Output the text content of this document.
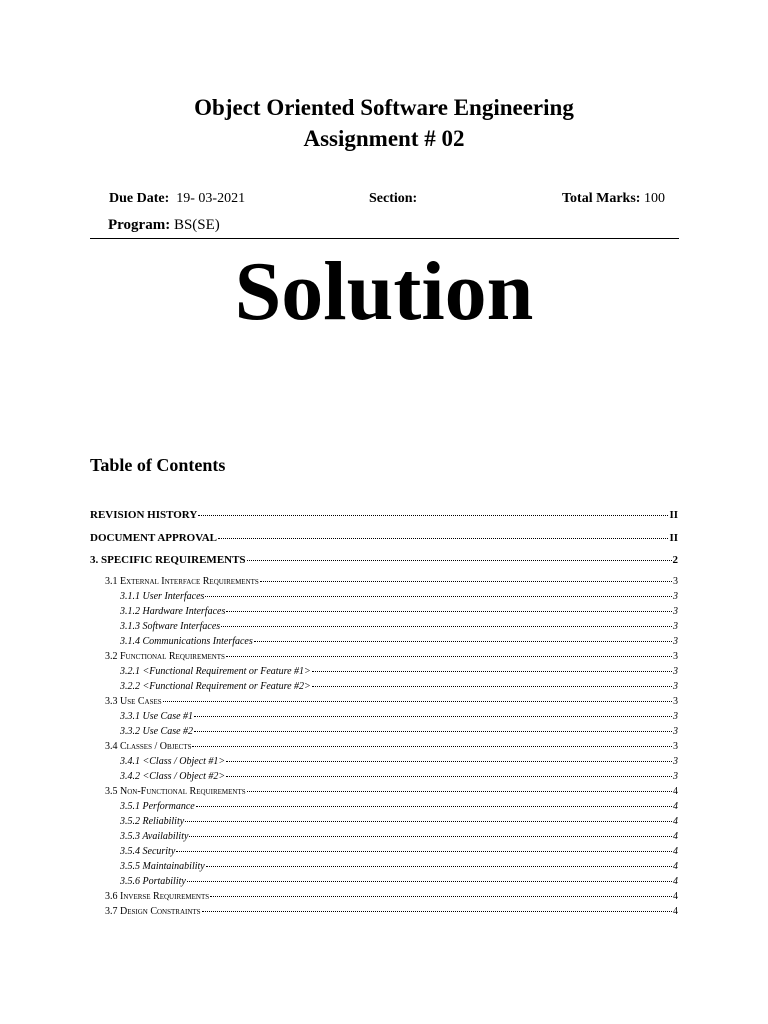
Object Oriented Software Engineering
Assignment # 02
Due Date: 19- 03-2021	Section:	Total Marks: 100
Program: BS(SE)
Solution
Table of Contents
REVISION HISTORY	II
DOCUMENT APPROVAL	II
3. SPECIFIC REQUIREMENTS	2
3.1 External Interface Requirements	3
3.1.1 User Interfaces	3
3.1.2 Hardware Interfaces	3
3.1.3 Software Interfaces	3
3.1.4 Communications Interfaces	3
3.2 Functional Requirements	3
3.2.1 <Functional Requirement or Feature #1>	3
3.2.2 <Functional Requirement or Feature #2>	3
3.3 Use Cases	3
3.3.1 Use Case #1	3
3.3.2 Use Case #2	3
3.4 Classes / Objects	3
3.4.1 <Class / Object #1>	3
3.4.2 <Class / Object #2>	3
3.5 Non-Functional Requirements	4
3.5.1 Performance	4
3.5.2 Reliability	4
3.5.3 Availability	4
3.5.4 Security	4
3.5.5 Maintainability	4
3.5.6 Portability	4
3.6 Inverse Requirements	4
3.7 Design Constraints	4
